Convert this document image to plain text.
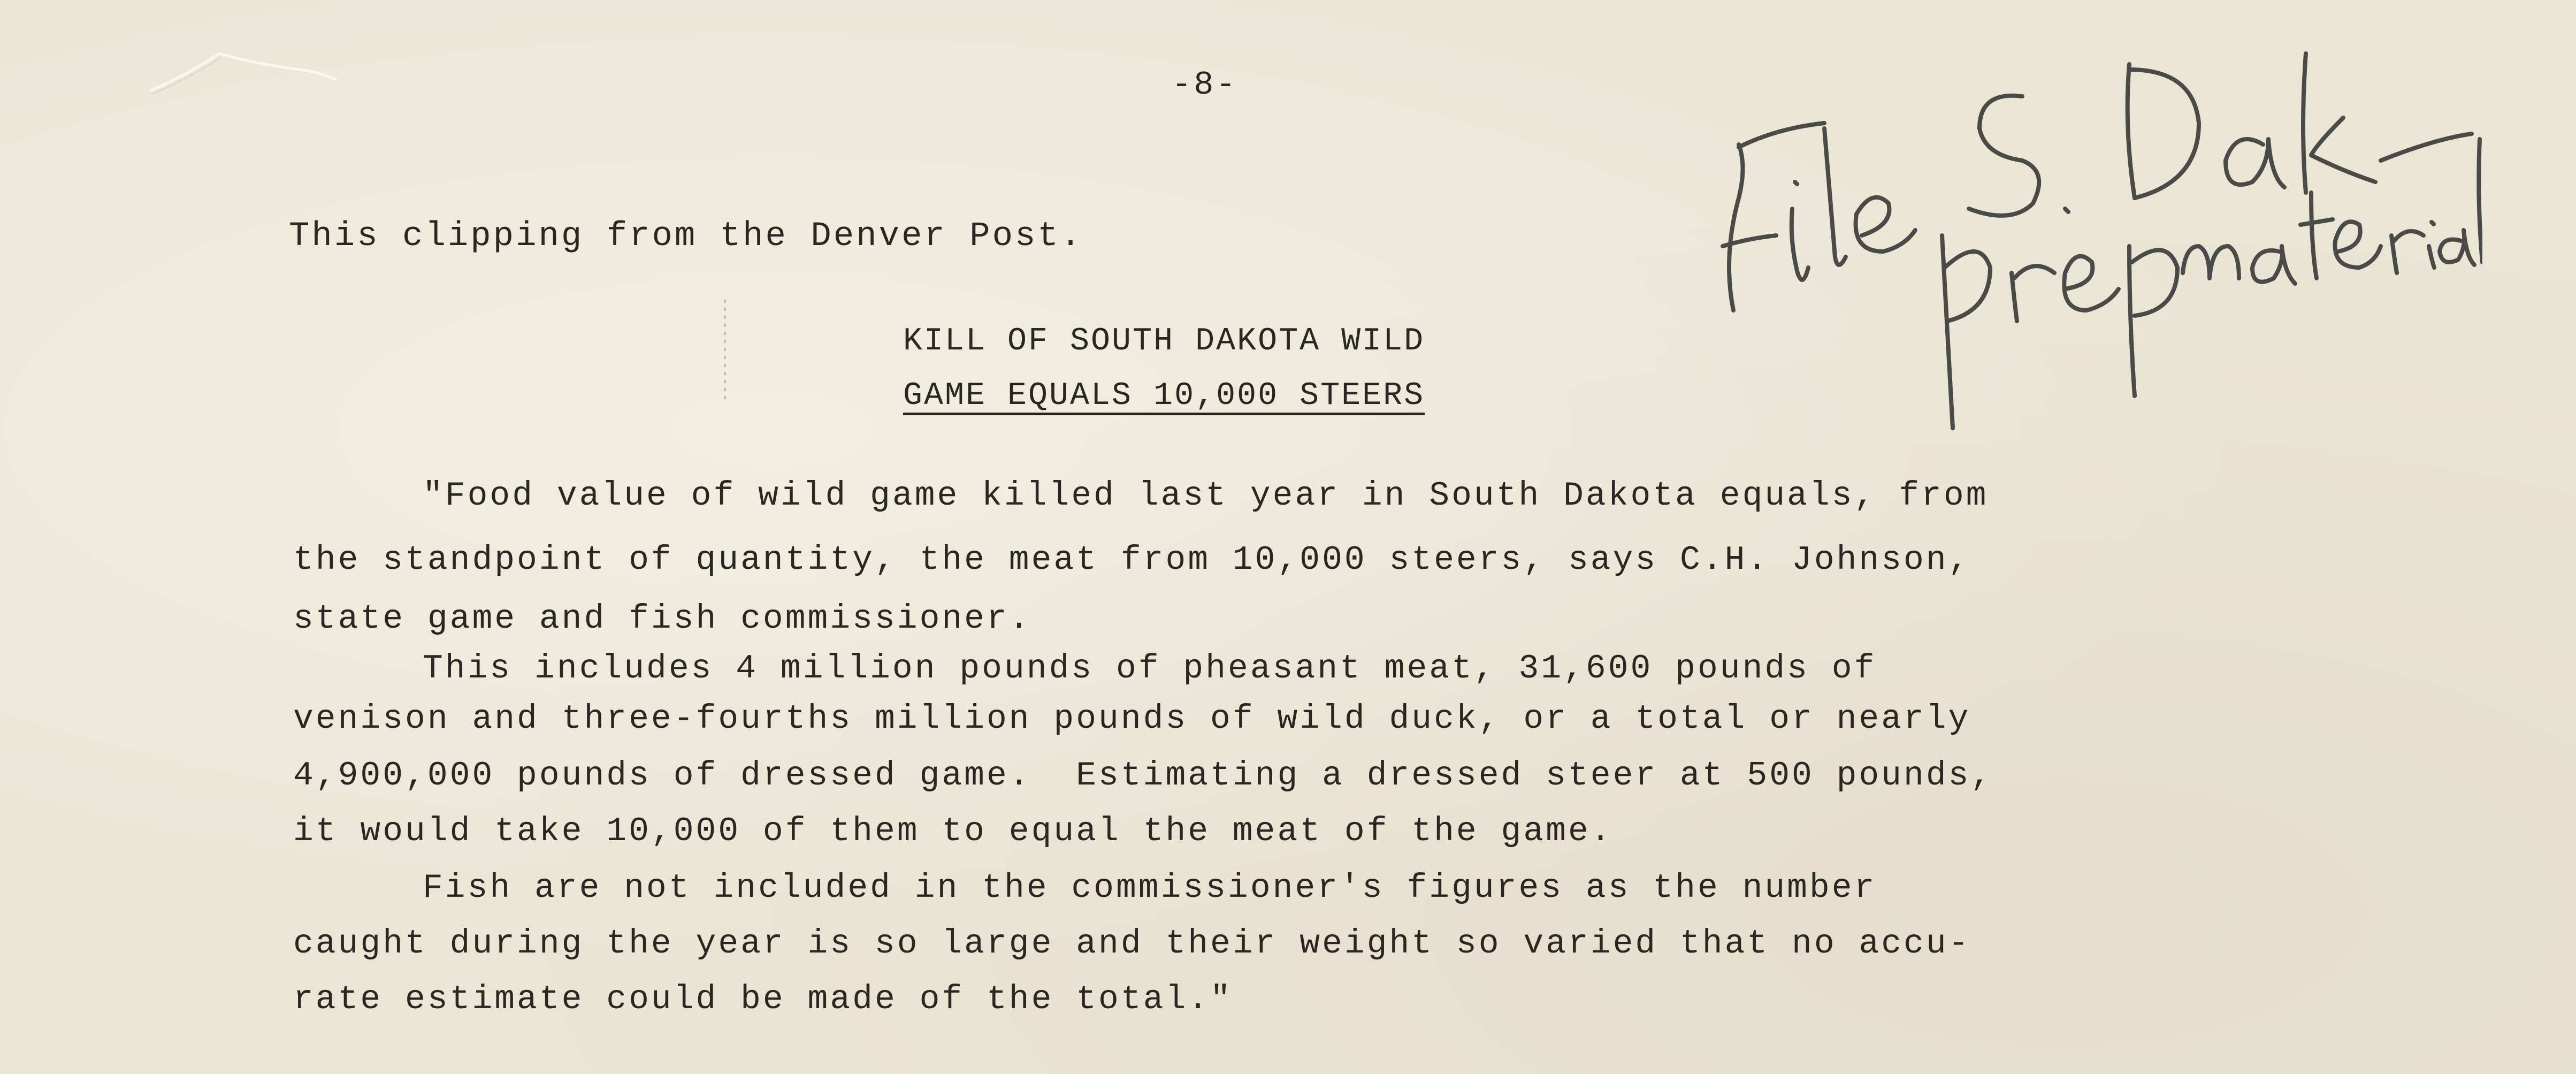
-8-
This clipping from the Denver Post.
KILL OF SOUTH DAKOTA WILD
GAME EQUALS 10,000 STEERS
"Food value of wild game killed last year in South Dakota equals, from
the standpoint of quantity, the meat from 10,000 steers, says C.H. Johnson,
state game and fish commissioner.
This includes 4 million pounds of pheasant meat, 31,600 pounds of
venison and three-fourths million pounds of wild duck, or a total or nearly
4,900,000 pounds of dressed game.  Estimating a dressed steer at 500 pounds,
it would take 10,000 of them to equal the meat of the game.
Fish are not included in the commissioner's figures as the number
caught during the year is so large and their weight so varied that no accu-
rate estimate could be made of the total."
